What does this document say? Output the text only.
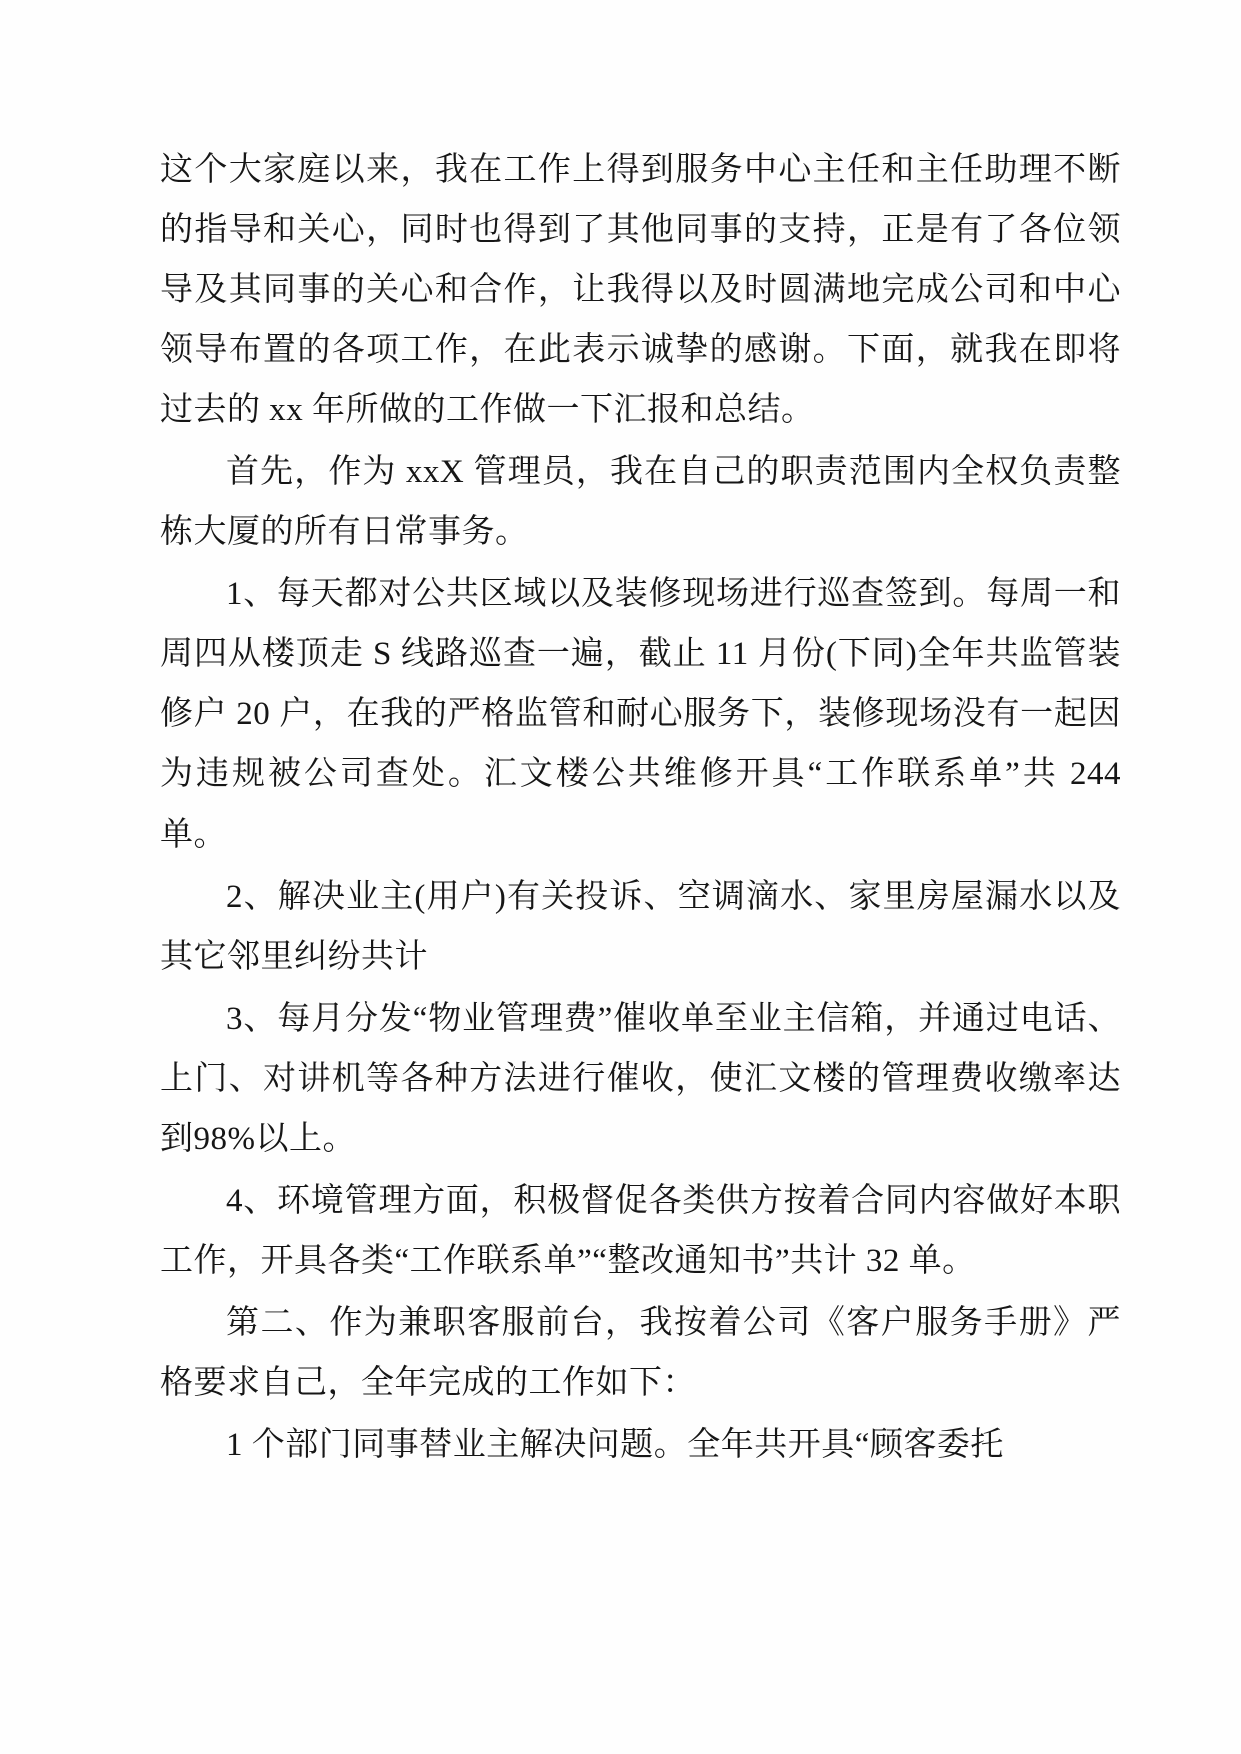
这个大家庭以来，我在工作上得到服务中心主任和主任助理不断的指导和关心，同时也得到了其他同事的支持，正是有了各位领导及其同事的关心和合作，让我得以及时圆满地完成公司和中心领导布置的各项工作，在此表示诚挚的感谢。下面，就我在即将过去的 xx 年所做的工作做一下汇报和总结。

首先，作为 xxX 管理员，我在自己的职责范围内全权负责整栋大厦的所有日常事务。

1、每天都对公共区域以及装修现场进行巡查签到。每周一和周四从楼顶走 S 线路巡查一遍，截止 11 月份(下同)全年共监管装修户 20 户，在我的严格监管和耐心服务下，装修现场没有一起因为违规被公司查处。汇文楼公共维修开具“工作联系单”共 244 单。

2、解决业主(用户)有关投诉、空调滴水、家里房屋漏水以及其它邻里纠纷共计

3、每月分发“物业管理费”催收单至业主信箱，并通过电话、上门、对讲机等各种方法进行催收，使汇文楼的管理费收缴率达到98%以上。

4、环境管理方面，积极督促各类供方按着合同内容做好本职工作，开具各类“工作联系单”“整改通知书”共计 32 单。

第二、作为兼职客服前台，我按着公司《客户服务手册》严格要求自己，全年完成的工作如下：

1 个部门同事替业主解决问题。全年共开具“顾客委托
